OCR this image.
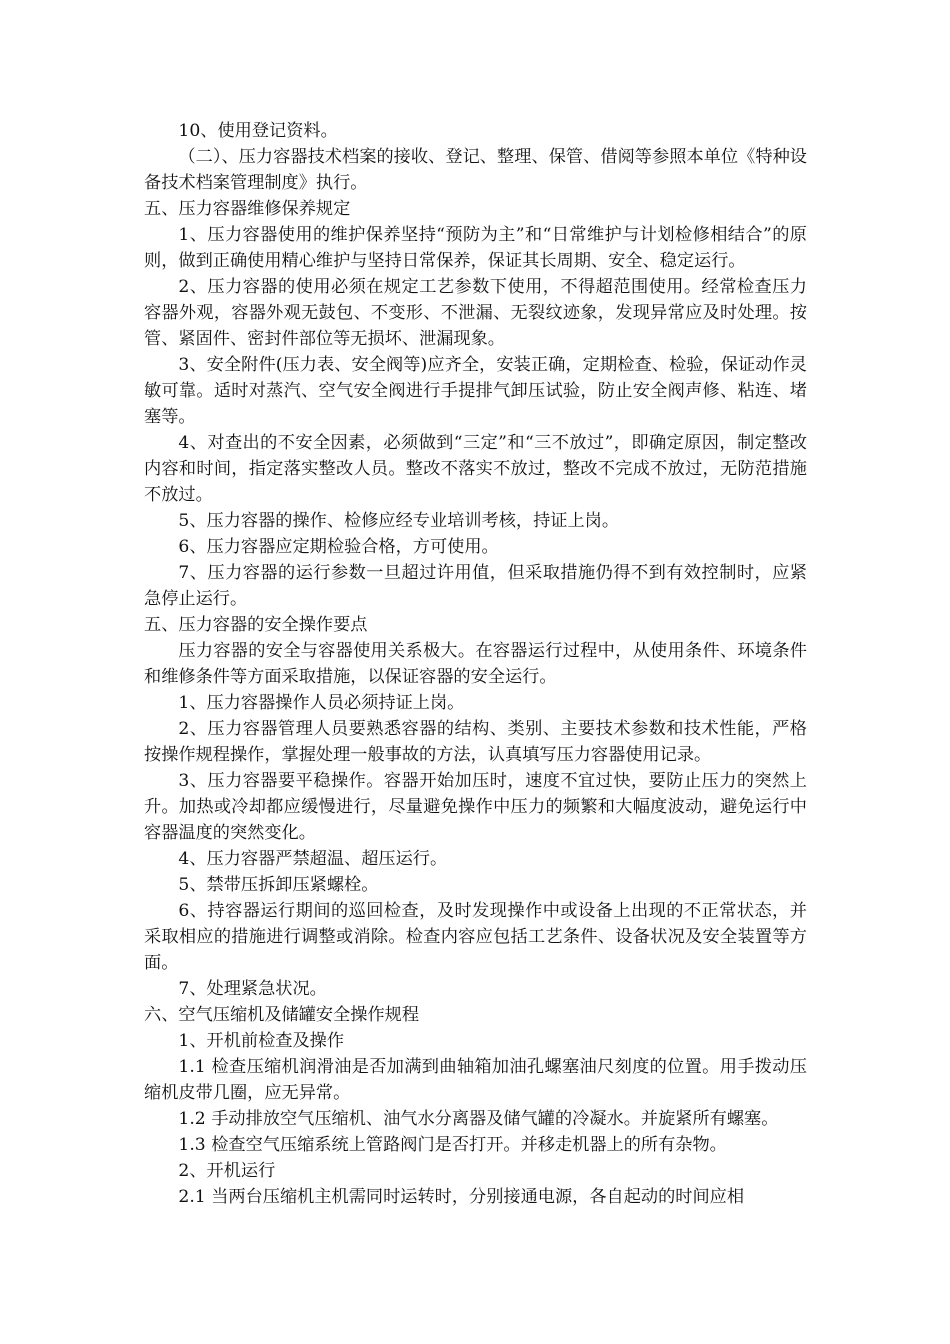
10、使用登记资料。

（二）、压力容器技术档案的接收、登记、整理、保管、借阅等参照本单位《特种设备技术档案管理制度》执行。

五、压力容器维修保养规定

1、压力容器使用的维护保养坚持“预防为主”和“日常维护与计划检修相结合”的原则，做到正确使用精心维护与坚持日常保养，保证其长周期、安全、稳定运行。

2、压力容器的使用必须在规定工艺参数下使用，不得超范围使用。经常检查压力容器外观，容器外观无鼓包、不变形、不泄漏、无裂纹迹象，发现异常应及时处理。按管、紧固件、密封件部位等无损坏、泄漏现象。

3、安全附件(压力表、安全阀等)应齐全，安装正确，定期检查、检验，保证动作灵敏可靠。适时对蒸汽、空气安全阀进行手提排气卸压试验，防止安全阀声修、粘连、堵塞等。

4、对查出的不安全因素，必须做到“三定”和“三不放过”，即确定原因，制定整改内容和时间，指定落实整改人员。整改不落实不放过，整改不完成不放过，无防范措施不放过。

5、压力容器的操作、检修应经专业培训考核，持证上岗。

6、压力容器应定期检验合格，方可使用。

7、压力容器的运行参数一旦超过许用值，但采取措施仍得不到有效控制时，应紧急停止运行。

五、压力容器的安全操作要点

压力容器的安全与容器使用关系极大。在容器运行过程中，从使用条件、环境条件和维修条件等方面采取措施，以保证容器的安全运行。

1、压力容器操作人员必须持证上岗。

2、压力容器管理人员要熟悉容器的结构、类别、主要技术参数和技术性能，严格按操作规程操作，掌握处理一般事故的方法，认真填写压力容器使用记录。

3、压力容器要平稳操作。容器开始加压时，速度不宜过快，要防止压力的突然上升。加热或冷却都应缓慢进行，尽量避免操作中压力的频繁和大幅度波动，避免运行中容器温度的突然变化。

4、压力容器严禁超温、超压运行。

5、禁带压拆卸压紧螺栓。

6、持容器运行期间的巡回检查，及时发现操作中或设备上出现的不正常状态，并采取相应的措施进行调整或消除。检查内容应包括工艺条件、设备状况及安全装置等方面。

7、处理紧急状况。

六、空气压缩机及储罐安全操作规程

1、开机前检查及操作

1.1 检查压缩机润滑油是否加满到曲轴箱加油孔螺塞油尺刻度的位置。用手拨动压缩机皮带几圈，应无异常。

1.2 手动排放空气压缩机、油气水分离器及储气罐的冷凝水。并旋紧所有螺塞。

1.3 检查空气压缩系统上管路阀门是否打开。并移走机器上的所有杂物。

2、开机运行

2.1 当两台压缩机主机需同时运转时，分别接通电源，各自起动的时间应相
